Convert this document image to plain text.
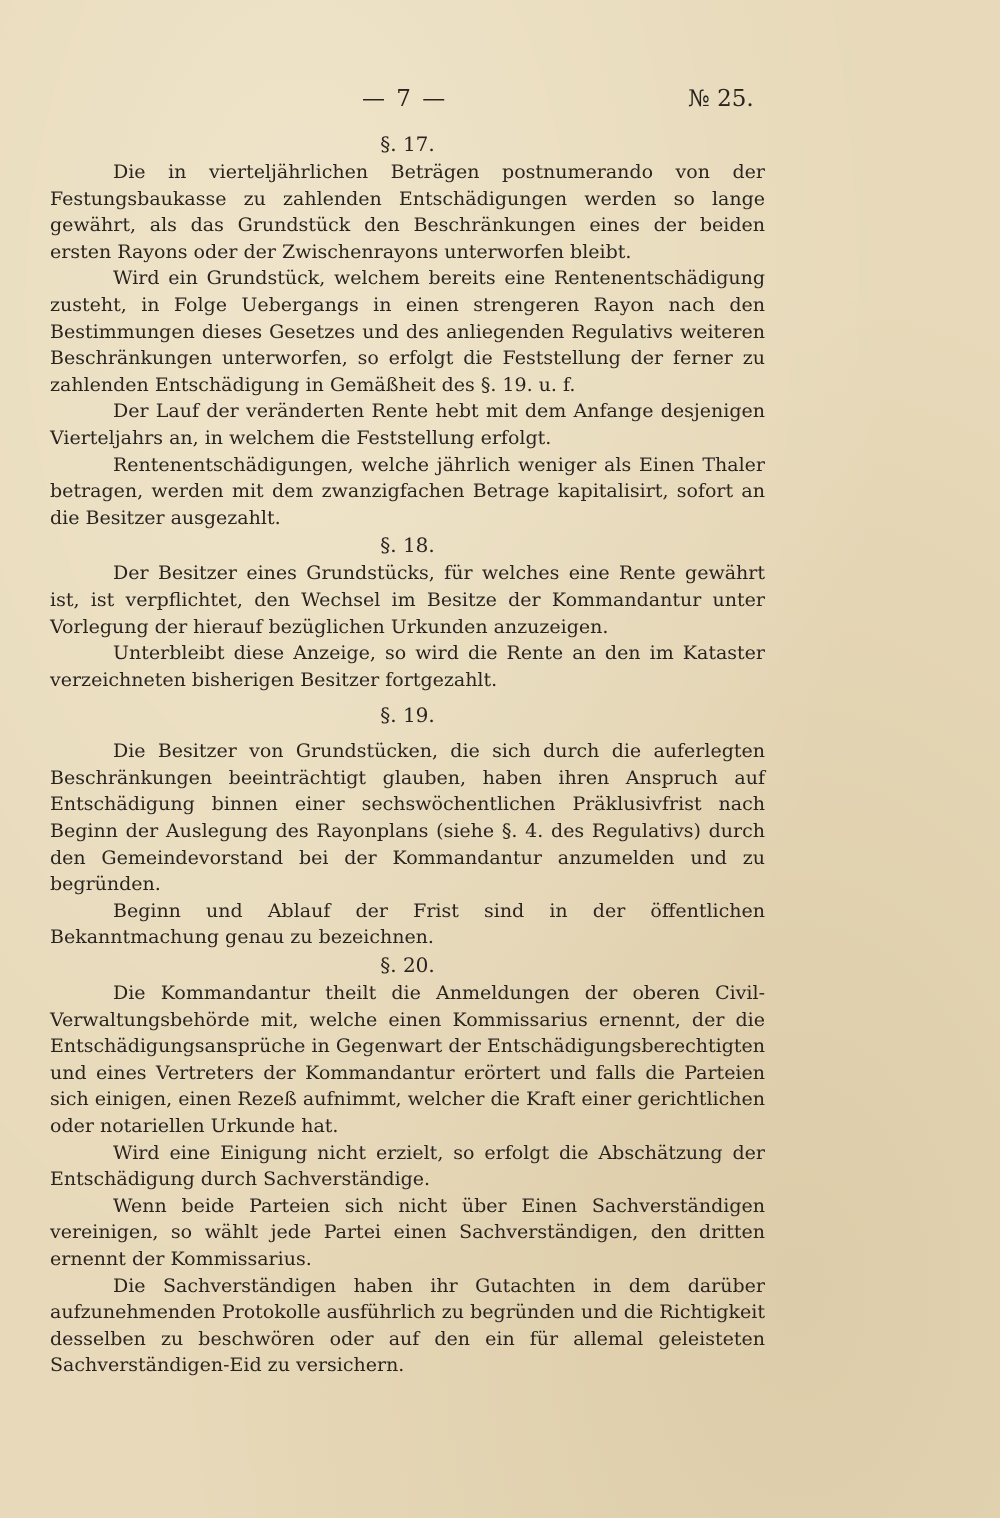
— 7 —	№ 25.
§. 17.

Die in vierteljährlichen Beträgen postnumerando von der Festungsbaukasse zu zahlenden Entschädigungen werden so lange gewährt, als das Grundstück den Beschränkungen eines der beiden ersten Rayons oder der Zwischenrayons unterworfen bleibt.

Wird ein Grundstück, welchem bereits eine Rentenentschädigung zusteht, in Folge Uebergangs in einen strengeren Rayon nach den Bestimmungen dieses Gesetzes und des anliegenden Regulativs weiteren Beschränkungen unterworfen, so erfolgt die Feststellung der ferner zu zahlenden Entschädigung in Gemäßheit des §. 19. u. f.

Der Lauf der veränderten Rente hebt mit dem Anfange desjenigen Vierteljahrs an, in welchem die Feststellung erfolgt.

Rentenentschädigungen, welche jährlich weniger als Einen Thaler betragen, werden mit dem zwanzigfachen Betrage kapitalisirt, sofort an die Besitzer ausgezahlt.

§. 18.

Der Besitzer eines Grundstücks, für welches eine Rente gewährt ist, ist verpflichtet, den Wechsel im Besitze der Kommandantur unter Vorlegung der hierauf bezüglichen Urkunden anzuzeigen.

Unterbleibt diese Anzeige, so wird die Rente an den im Kataster verzeichneten bisherigen Besitzer fortgezahlt.

§. 19.

Die Besitzer von Grundstücken, die sich durch die auferlegten Beschränkungen beeinträchtigt glauben, haben ihren Anspruch auf Entschädigung binnen einer sechswöchentlichen Präklusivfrist nach Beginn der Auslegung des Rayonplans (siehe §. 4. des Regulativs) durch den Gemeindevorstand bei der Kommandantur anzumelden und zu begründen.

Beginn und Ablauf der Frist sind in der öffentlichen Bekanntmachung genau zu bezeichnen.

§. 20.

Die Kommandantur theilt die Anmeldungen der oberen Civil-Verwaltungsbehörde mit, welche einen Kommissarius ernennt, der die Entschädigungsansprüche in Gegenwart der Entschädigungsberechtigten und eines Vertreters der Kommandantur erörtert und falls die Parteien sich einigen, einen Rezeß aufnimmt, welcher die Kraft einer gerichtlichen oder notariellen Urkunde hat.

Wird eine Einigung nicht erzielt, so erfolgt die Abschätzung der Entschädigung durch Sachverständige.

Wenn beide Parteien sich nicht über Einen Sachverständigen vereinigen, so wählt jede Partei einen Sachverständigen, den dritten ernennt der Kommissarius.

Die Sachverständigen haben ihr Gutachten in dem darüber aufzunehmenden Protokolle ausführlich zu begründen und die Richtigkeit desselben zu beschwören oder auf den ein für allemal geleisteten Sachverständigen-Eid zu versichern.
